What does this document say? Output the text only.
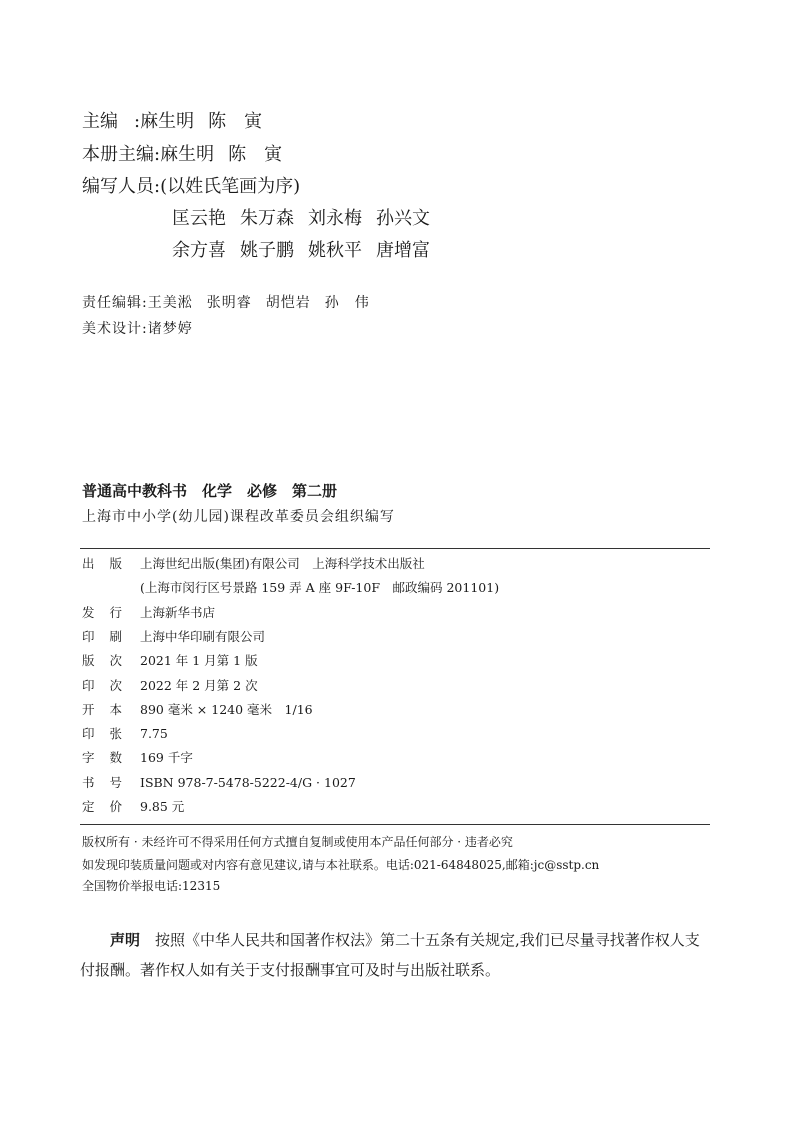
主编 :麻生明 陈　寅
本册主编:麻生明 陈　寅
编写人员:(以姓氏笔画为序)
匡云艳 朱万森 刘永梅 孙兴文
余方喜 姚子鹏 姚秋平 唐增富
责任编辑:王美淞 张明睿 胡恺岩 孙　伟
美术设计:诸梦婷
普通高中教科书　化学　必修　第二册
上海市中小学(幼儿园)课程改革委员会组织编写
出 版 上海世纪出版(集团)有限公司　上海科学技术出版社
(上海市闵行区号景路 159 弄 A 座 9F-10F　邮政编码 201101)
发 行 上海新华书店
印 刷 上海中华印刷有限公司
版 次 2021 年 1 月第 1 版
印 次 2022 年 2 月第 2 次
开 本 890 毫米 × 1240 毫米　1/16
印 张 7.75
字 数 169 千字
书 号 ISBN 978-7-5478-5222-4/G · 1027
定 价 9.85 元
版权所有 · 未经许可不得采用任何方式擅自复制或使用本产品任何部分 · 违者必究
如发现印装质量问题或对内容有意见建议,请与本社联系。电话:021-64848025,邮箱:jc@sstp.cn
全国物价举报电话:12315
声明　 按照《中华人民共和国著作权法》第二十五条有关规定,我们已尽量寻找著作权人支付报酬。著作权人如有关于支付报酬事宜可及时与出版社联系。
